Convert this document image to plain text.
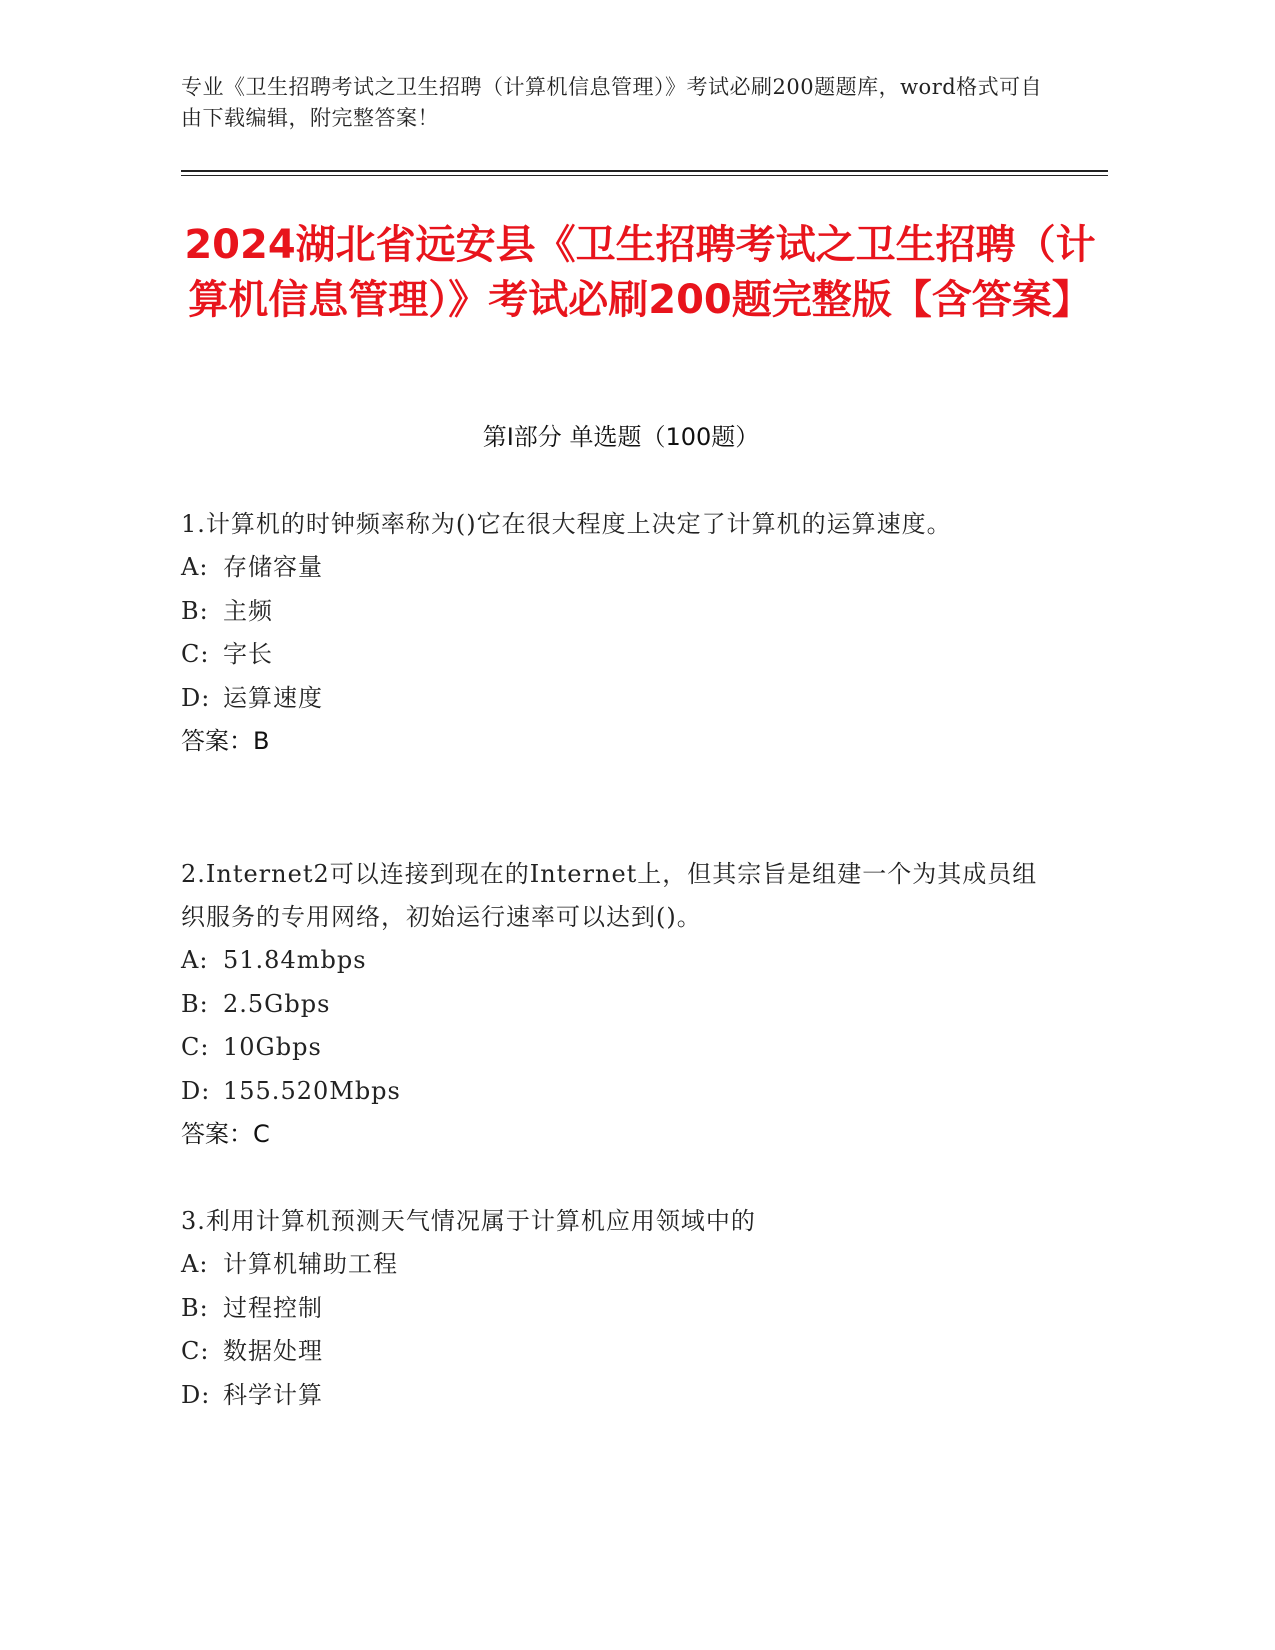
专业《卫生招聘考试之卫生招聘（计算机信息管理）》考试必刷200题题库，word格式可自由下载编辑，附完整答案！
2024湖北省远安县《卫生招聘考试之卫生招聘（计算机信息管理）》考试必刷200题完整版【含答案】
第Ⅰ部分 单选题（100题）
1.计算机的时钟频率称为()它在很大程度上决定了计算机的运算速度。
A: 存储容量
B: 主频
C: 字长
D: 运算速度
答案：B
2.Internet2可以连接到现在的Internet上，但其宗旨是组建一个为其成员组织服务的专用网络，初始运行速率可以达到()。
A: 51.84mbps
B: 2.5Gbps
C: 10Gbps
D: 155.520Mbps
答案：C
3.利用计算机预测天气情况属于计算机应用领域中的
A: 计算机辅助工程
B: 过程控制
C: 数据处理
D: 科学计算
